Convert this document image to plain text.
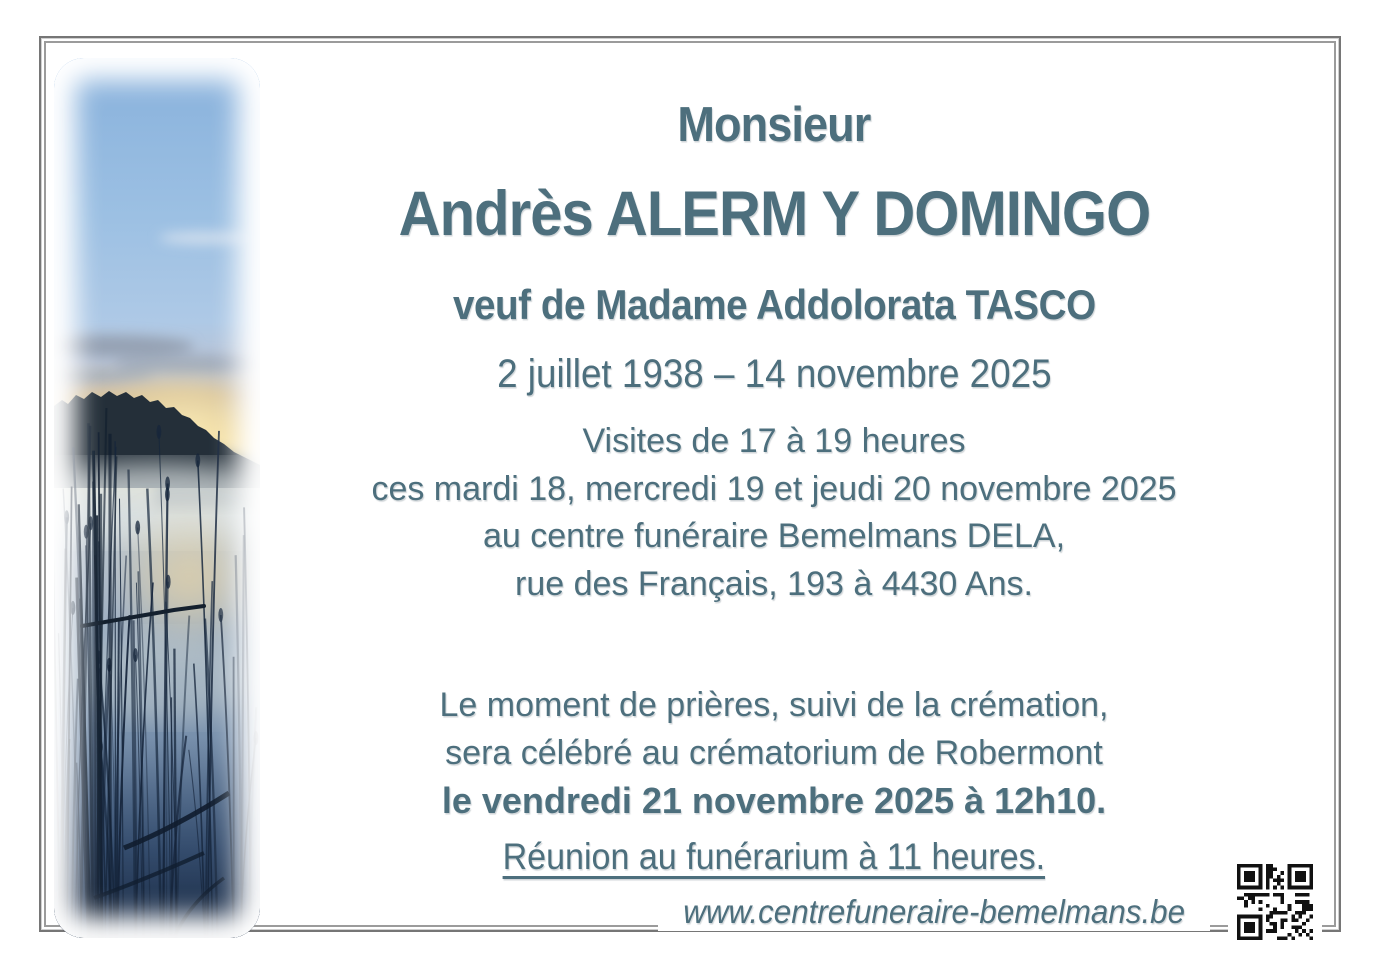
Monsieur
Andrès ALERM Y DOMINGO
veuf de Madame Addolorata TASCO
2 juillet 1938 – 14 novembre 2025
Visites de 17 à 19 heures
ces mardi 18, mercredi 19 et jeudi 20 novembre 2025
au centre funéraire Bemelmans DELA,
rue des Français, 193 à 4430 Ans.
Le moment de prières, suivi de la crémation,
sera célébré au crématorium de Robermont
le vendredi 21 novembre 2025 à 12h10.
Réunion au funérarium à 11 heures.
www.centrefuneraire-bemelmans.be
